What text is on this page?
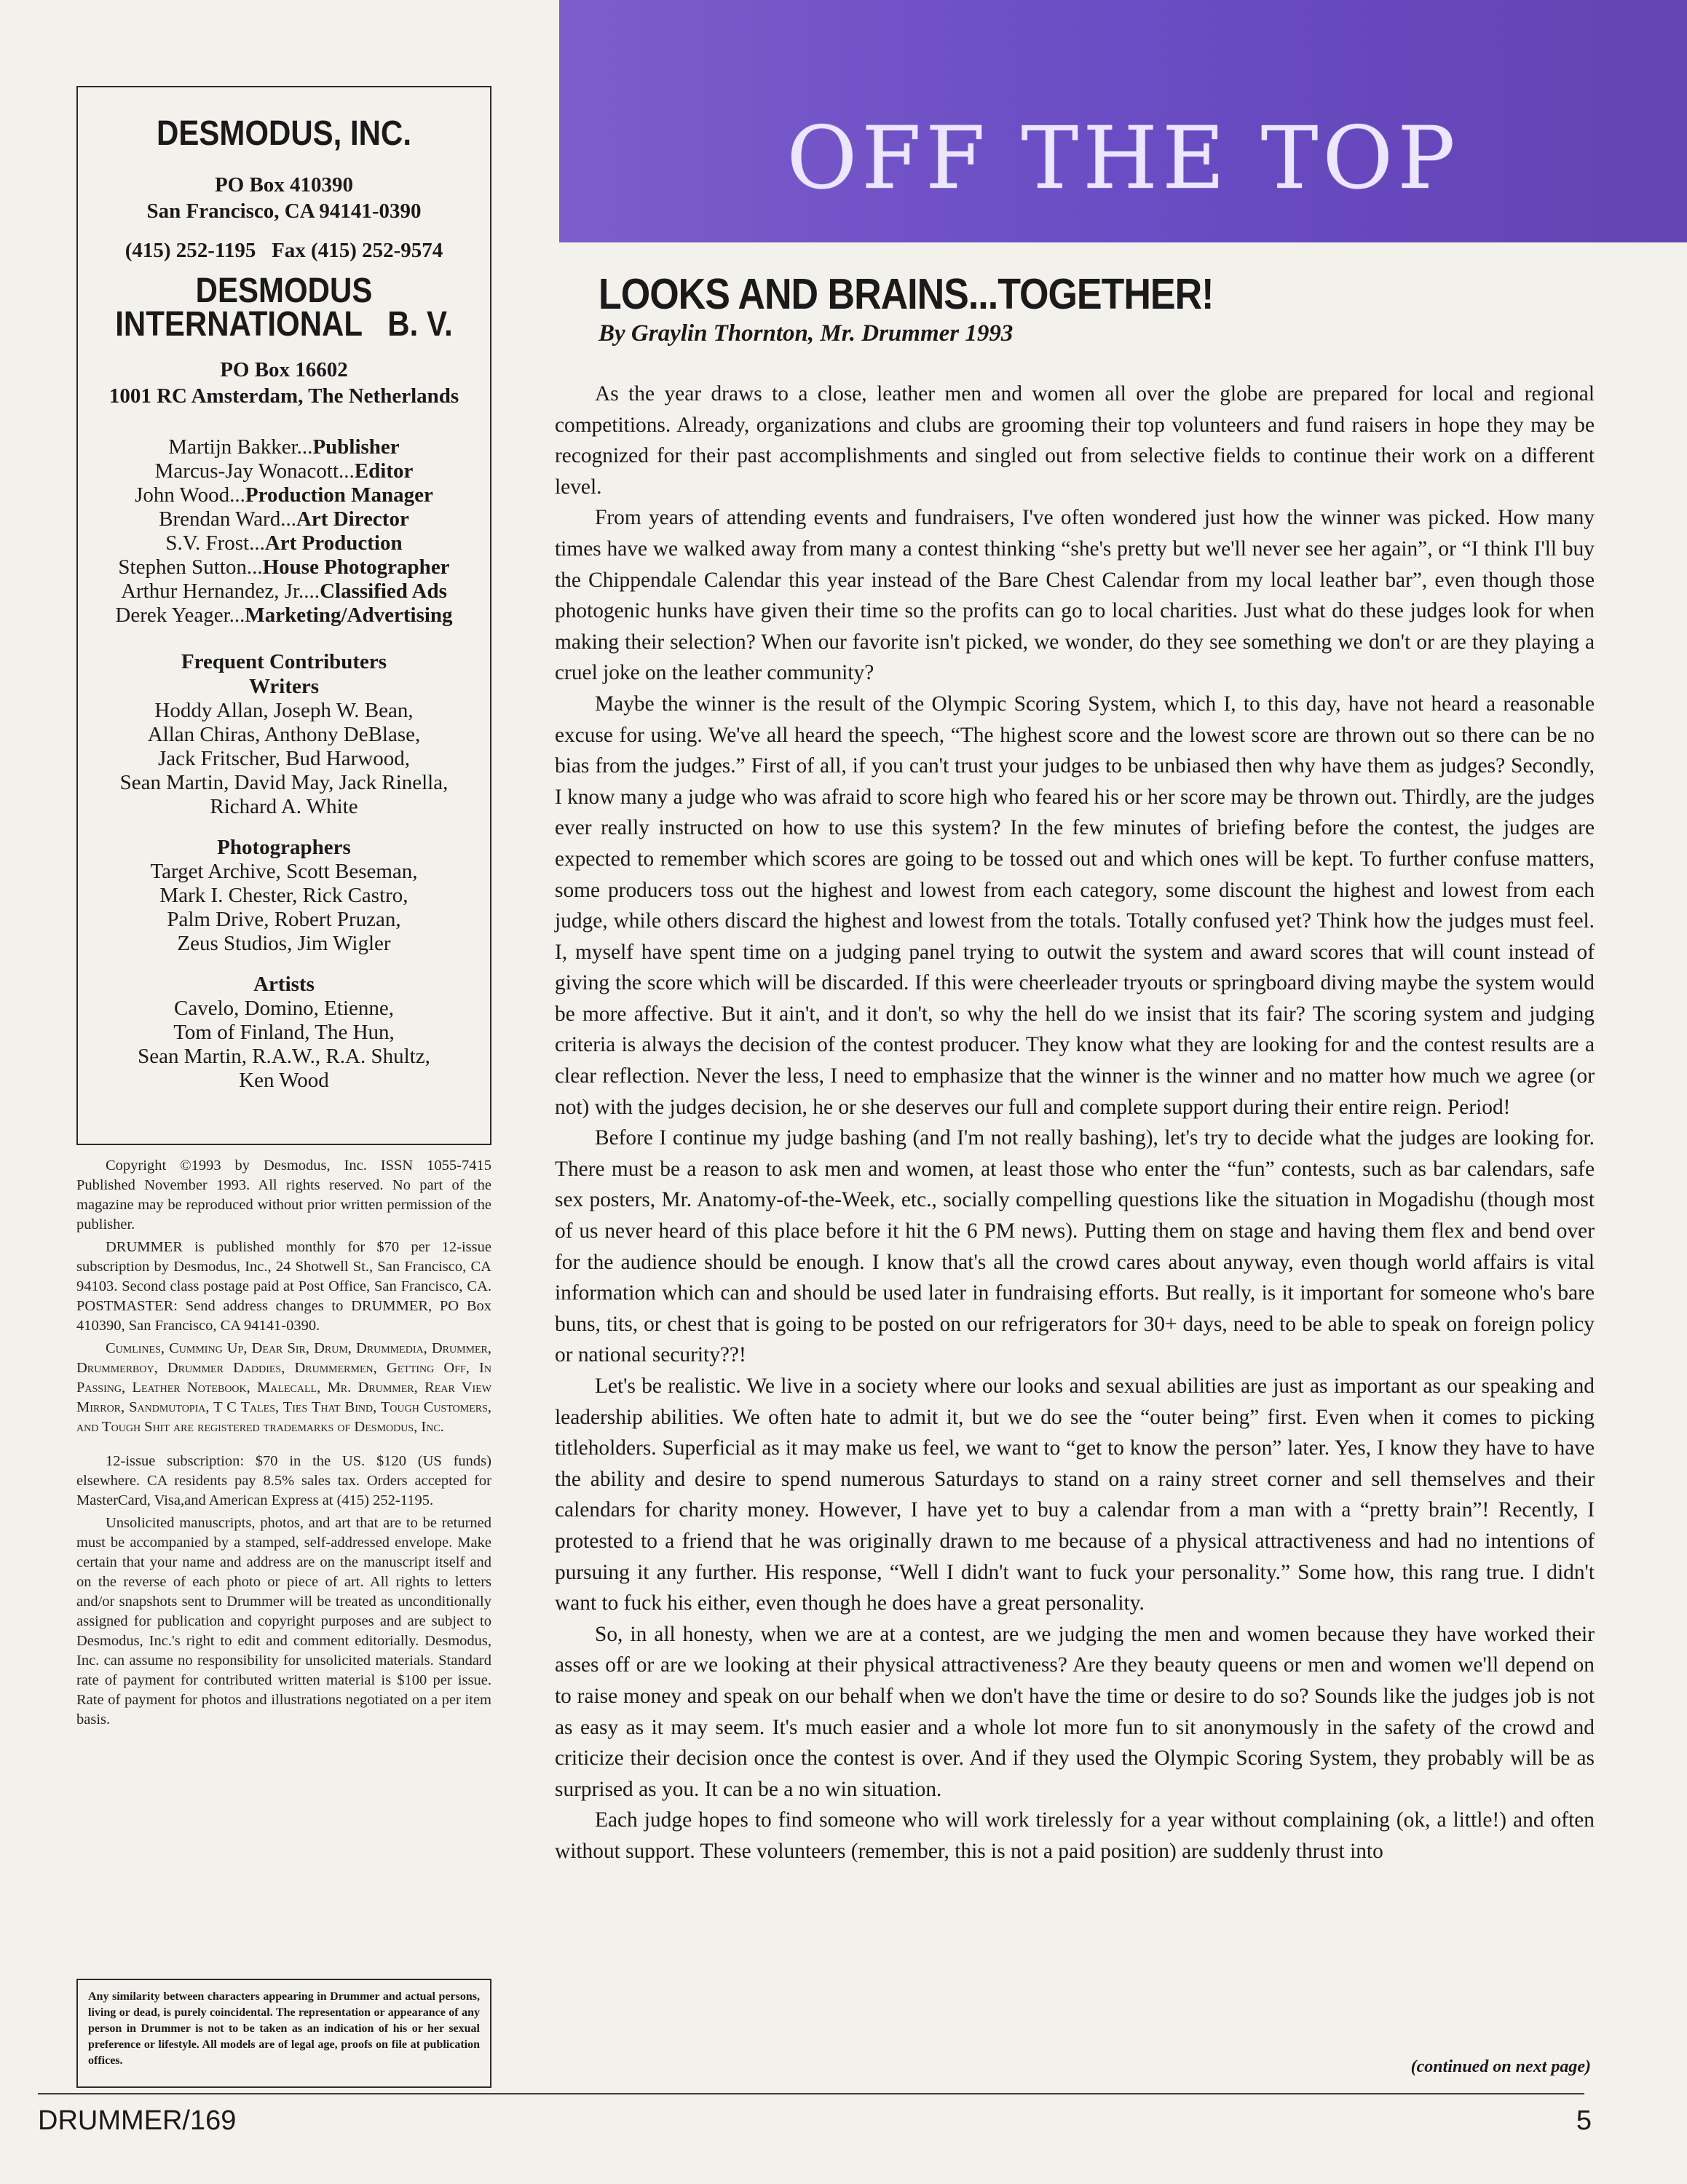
OFF THE TOP
DESMODUS, INC.
PO Box 410390
San Francisco, CA 94141-0390
(415) 252-1195   Fax (415) 252-9574
DESMODUS
INTERNATIONAL   B. V.
PO Box 16602
1001 RC Amsterdam, The Netherlands
Martijn Bakker...Publisher
Marcus-Jay Wonacott...Editor
John Wood...Production Manager
Brendan Ward...Art Director
S.V. Frost...Art Production
Stephen Sutton...House Photographer
Arthur Hernandez, Jr....Classified Ads
Derek Yeager...Marketing/Advertising
Frequent Contributers
Writers
Hoddy Allan, Joseph W. Bean,
Allan Chiras, Anthony DeBlase,
Jack Fritscher, Bud Harwood,
Sean Martin, David May, Jack Rinella,
Richard A. White
Photographers
Target Archive, Scott Beseman,
Mark I. Chester, Rick Castro,
Palm Drive, Robert Pruzan,
Zeus Studios, Jim Wigler
Artists
Cavelo, Domino, Etienne,
Tom of Finland, The Hun,
Sean Martin, R.A.W., R.A. Shultz,
Ken Wood

Copyright ©1993 by Desmodus, Inc. ISSN 1055-7415 Published November 1993. All rights reserved. No part of the magazine may be reproduced without prior written permission of the publisher.

DRUMMER is published monthly for $70 per 12-issue subscription by Desmodus, Inc., 24 Shotwell St., San Francisco, CA 94103. Second class postage paid at Post Office, San Francisco, CA. POSTMASTER: Send address changes to DRUMMER, PO Box 410390, San Francisco, CA 94141-0390.

Cumlines, Cumming Up, Dear Sir, Drum, Drummedia, Drummer, Drummerboy, Drummer Daddies, Drummermen, Getting Off, In Passing, Leather Notebook, Malecall, Mr. Drummer, Rear View Mirror, Sandmutopia, T C Tales, Ties That Bind, Tough Customers, and Tough Shit are registered trademarks of Desmodus, Inc.

12-issue subscription: $70 in the US. $120 (US funds) elsewhere. CA residents pay 8.5% sales tax. Orders accepted for MasterCard, Visa,and American Express at (415) 252-1195.

Unsolicited manuscripts, photos, and art that are to be returned must be accompanied by a stamped, self-addressed envelope. Make certain that your name and address are on the manuscript itself and on the reverse of each photo or piece of art. All rights to letters and/or snapshots sent to Drummer will be treated as unconditionally assigned for publication and copyright purposes and are subject to Desmodus, Inc.'s right to edit and comment editorially. Desmodus, Inc. can assume no responsibility for unsolicited materials. Standard rate of payment for contributed written material is $100 per issue. Rate of payment for photos and illustrations negotiated on a per item basis.

Any similarity between characters appearing in Drummer and actual persons, living or dead, is purely coincidental. The representation or appearance of any person in Drummer is not to be taken as an indication of his or her sexual preference or lifestyle. All models are of legal age, proofs on file at publication offices.
LOOKS AND BRAINS...TOGETHER!
By Graylin Thornton, Mr. Drummer 1993

As the year draws to a close, leather men and women all over the globe are prepared for local and regional competitions. Already, organizations and clubs are grooming their top volunteers and fund raisers in hope they may be recognized for their past accomplishments and singled out from selective fields to continue their work on a different level.

From years of attending events and fundraisers, I've often wondered just how the winner was picked. How many times have we walked away from many a contest thinking “she's pretty but we'll never see her again”, or “I think I'll buy the Chippendale Calendar this year instead of the Bare Chest Calendar from my local leather bar”, even though those photogenic hunks have given their time so the profits can go to local charities. Just what do these judges look for when making their selection? When our favorite isn't picked, we wonder, do they see something we don't or are they playing a cruel joke on the leather community?

Maybe the winner is the result of the Olympic Scoring System, which I, to this day, have not heard a reasonable excuse for using. We've all heard the speech, “The highest score and the lowest score are thrown out so there can be no bias from the judges.” First of all, if you can't trust your judges to be unbiased then why have them as judges? Secondly, I know many a judge who was afraid to score high who feared his or her score may be thrown out. Thirdly, are the judges ever really instructed on how to use this system? In the few minutes of briefing before the contest, the judges are expected to remember which scores are going to be tossed out and which ones will be kept. To further confuse matters, some producers toss out the highest and lowest from each category, some discount the highest and lowest from each judge, while others discard the highest and lowest from the totals. Totally confused yet? Think how the judges must feel. I, myself have spent time on a judging panel trying to outwit the system and award scores that will count instead of giving the score which will be discarded. If this were cheerleader tryouts or springboard diving maybe the system would be more affective. But it ain't, and it don't, so why the hell do we insist that its fair? The scoring system and judging criteria is always the decision of the contest producer. They know what they are looking for and the contest results are a clear reflection. Never the less, I need to emphasize that the winner is the winner and no matter how much we agree (or not) with the judges decision, he or she deserves our full and complete support during their entire reign. Period!

Before I continue my judge bashing (and I'm not really bashing), let's try to decide what the judges are looking for. There must be a reason to ask men and women, at least those who enter the “fun” contests, such as bar calendars, safe sex posters, Mr. Anatomy-of-the-Week, etc., socially compelling questions like the situation in Mogadishu (though most of us never heard of this place before it hit the 6 PM news). Putting them on stage and having them flex and bend over for the audience should be enough. I know that's all the crowd cares about anyway, even though world affairs is vital information which can and should be used later in fundraising efforts. But really, is it important for someone who's bare buns, tits, or chest that is going to be posted on our refrigerators for 30+ days, need to be able to speak on foreign policy or national security??!

Let's be realistic. We live in a society where our looks and sexual abilities are just as important as our speaking and leadership abilities. We often hate to admit it, but we do see the “outer being” first. Even when it comes to picking titleholders. Superficial as it may make us feel, we want to “get to know the person” later. Yes, I know they have to have the ability and desire to spend numerous Saturdays to stand on a rainy street corner and sell themselves and their calendars for charity money. However, I have yet to buy a calendar from a man with a “pretty brain”! Recently, I protested to a friend that he was originally drawn to me because of a physical attractiveness and had no intentions of pursuing it any further. His response, “Well I didn't want to fuck your personality.” Some how, this rang true. I didn't want to fuck his either, even though he does have a great personality.

So, in all honesty, when we are at a contest, are we judging the men and women because they have worked their asses off or are we looking at their physical attractiveness? Are they beauty queens or men and women we'll depend on to raise money and speak on our behalf when we don't have the time or desire to do so? Sounds like the judges job is not as easy as it may seem. It's much easier and a whole lot more fun to sit anonymously in the safety of the crowd and criticize their decision once the contest is over. And if they used the Olympic Scoring System, they probably will be as surprised as you. It can be a no win situation.

Each judge hopes to find someone who will work tirelessly for a year without complaining (ok, a little!) and often without support. These volunteers (remember, this is not a paid position) are suddenly thrust into

(continued on next page)
DRUMMER/169	5
